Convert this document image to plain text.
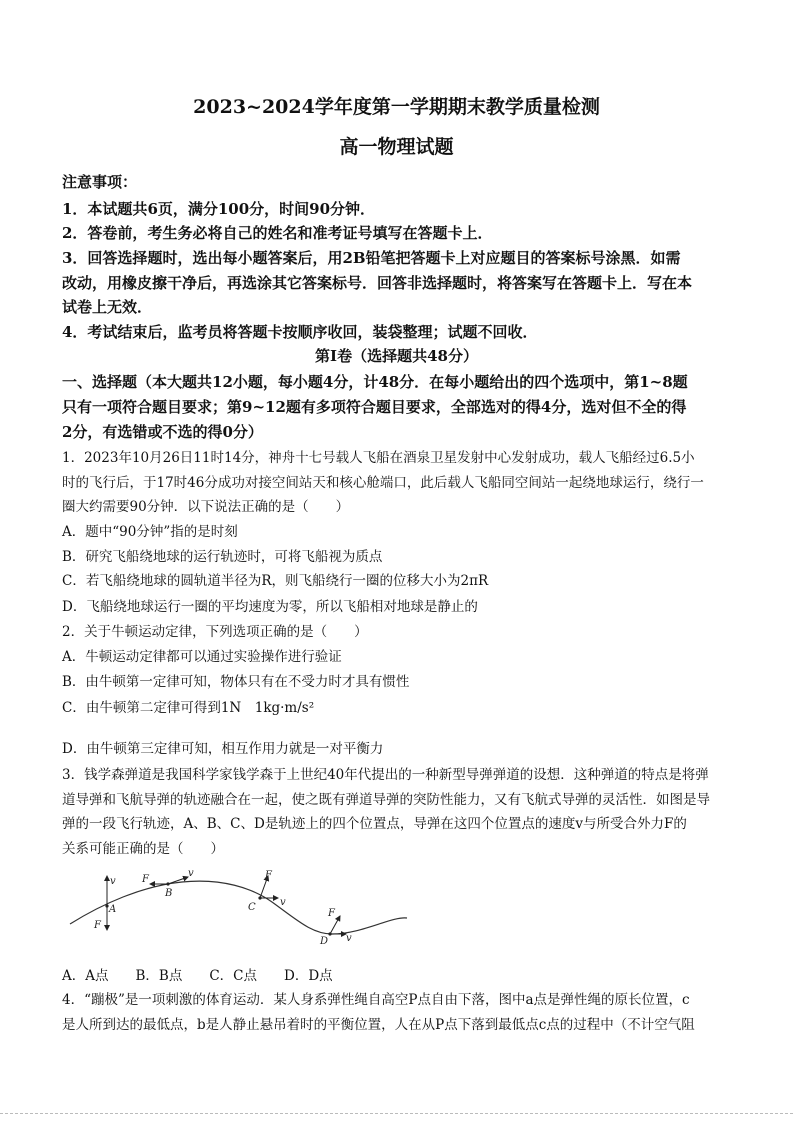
2023~2024学年度第一学期期末教学质量检测
高一物理试题
注意事项：
1．本试题共6页，满分100分，时间90分钟．
2．答卷前，考生务必将自己的姓名和准考证号填写在答题卡上．
3．回答选择题时，选出每小题答案后，用2B铅笔把答题卡上对应题目的答案标号涂黑．如需
改动，用橡皮擦干净后，再选涂其它答案标号．回答非选择题时，将答案写在答题卡上．写在本
试卷上无效．
4．考试结束后，监考员将答题卡按顺序收回，装袋整理；试题不回收．
第Ⅰ卷（选择题共48分）
一、选择题（本大题共12小题，每小题4分，计48分．在每小题给出的四个选项中，第1~8题
只有一项符合题目要求；第9~12题有多项符合题目要求，全部选对的得4分，选对但不全的得
2分，有选错或不选的得0分）
1．2023年10月26日11时14分，神舟十七号载人飞船在酒泉卫星发射中心发射成功，载人飞船经过6.5小
时的飞行后，于17时46分成功对接空间站天和核心舱端口，此后载人飞船同空间站一起绕地球运行，绕行一
圈大约需要90分钟．以下说法正确的是（　　）
A．题中“90分钟”指的是时刻
B．研究飞船绕地球的运行轨迹时，可将飞船视为质点
C．若飞船绕地球的圆轨道半径为R，则飞船绕行一圈的位移大小为2πR
D．飞船绕地球运行一圈的平均速度为零，所以飞船相对地球是静止的
2．关于牛顿运动定律，下列选项正确的是（　　）
A．牛顿运动定律都可以通过实验操作进行验证
B．由牛顿第一定律可知，物体只有在不受力时才具有惯性
C．由牛顿第二定律可得到1N　1kg·m/s²
D．由牛顿第三定律可知，相互作用力就是一对平衡力
3．钱学森弹道是我国科学家钱学森于上世纪40年代提出的一种新型导弹弹道的设想．这种弹道的特点是将弹
道导弹和飞航导弹的轨迹融合在一起，使之既有弹道导弹的突防性能力，又有飞航式导弹的灵活性．如图是导
弹的一段飞行轨迹，A、B、C、D是轨迹上的四个位置点，导弹在这四个位置点的速度v与所受合外力F的
关系可能正确的是（　　）
v
F
A
v
F
B
F
v
C
F
v
D
A．A点　　B．B点　　C．C点　　D．D点
4．“蹦极”是一项刺激的体育运动．某人身系弹性绳自高空P点自由下落，图中a点是弹性绳的原长位置，c
是人所到达的最低点，b是人静止悬吊着时的平衡位置，人在从P点下落到最低点c点的过程中（不计空气阻
